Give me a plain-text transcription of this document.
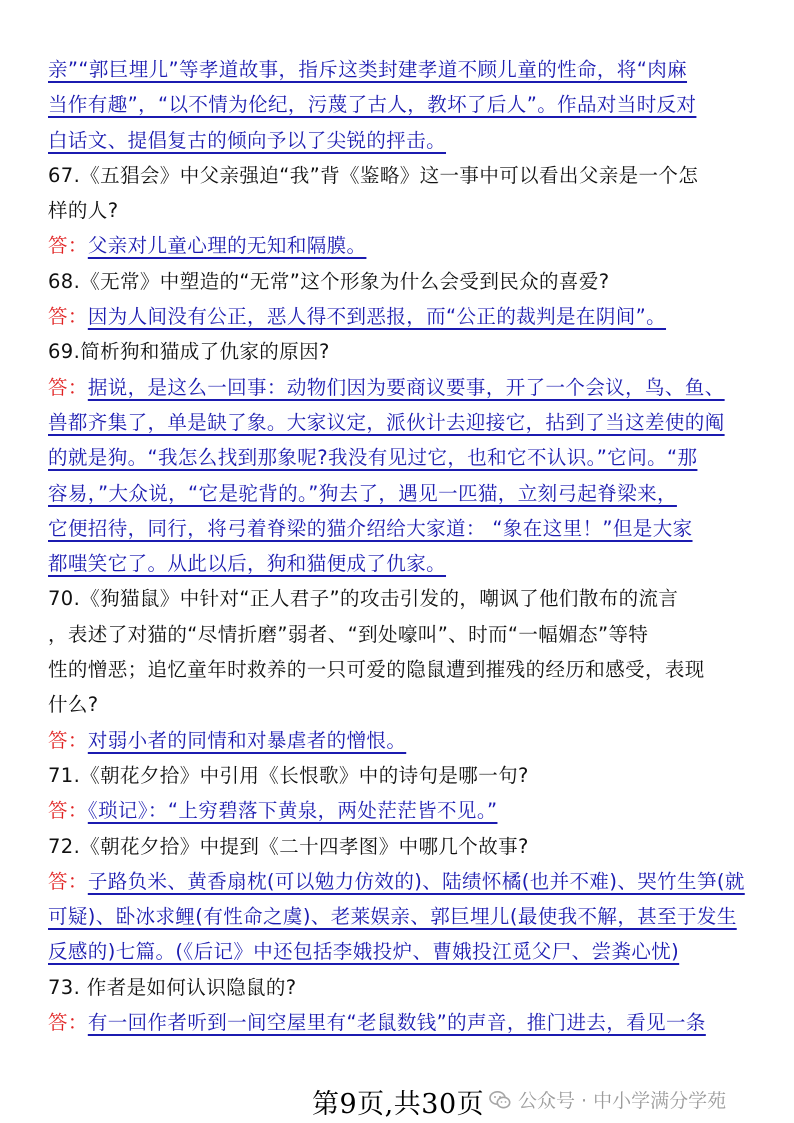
亲”“郭巨埋儿”等孝道故事，指斥这类封建孝道不顾儿童的性命，将“肉麻
当作有趣”，“以不情为伦纪，污蔑了古人，教坏了后人”。作品对当时反对
白话文、提倡复古的倾向予以了尖锐的抨击。
67.《五猖会》中父亲强迫“我”背《鉴略》这一事中可以看出父亲是一个怎
样的人?
答：父亲对儿童心理的无知和隔膜。
68.《无常》中塑造的“无常”这个形象为什么会受到民众的喜爱?
答：因为人间没有公正，恶人得不到恶报，而“公正的裁判是在阴间”。
69.简析狗和猫成了仇家的原因?
答：据说，是这么一回事：动物们因为要商议要事，开了一个会议，鸟、鱼、
兽都齐集了，单是缺了象。大家议定，派伙计去迎接它，拈到了当这差使的阄
的就是狗。“我怎么找到那象呢?我没有见过它，也和它不认识。”它问。“那
容易，”大众说，“它是驼背的。”狗去了，遇见一匹猫，立刻弓起脊梁来，
它便招待，同行，将弓着脊梁的猫介绍给大家道： “象在这里！”但是大家
都嗤笑它了。从此以后，狗和猫便成了仇家。
70.《狗猫鼠》中针对“正人君子”的攻击引发的，嘲讽了他们散布的流言
，表述了对猫的“尽情折磨”弱者、“到处嚎叫”、时而“一幅媚态”等特
性的憎恶；追忆童年时救养的一只可爱的隐鼠遭到摧残的经历和感受，表现
什么?
答：对弱小者的同情和对暴虐者的憎恨。
71.《朝花夕拾》中引用《长恨歌》中的诗句是哪一句?
答：《琐记》：“上穷碧落下黄泉，两处茫茫皆不见。”
72.《朝花夕拾》中提到《二十四孝图》中哪几个故事?
答：子路负米、黄香扇枕(可以勉力仿效的)、陆绩怀橘(也并不难)、哭竹生笋(就
可疑)、卧冰求鲤(有性命之虞)、老莱娱亲、郭巨埋儿(最使我不解，甚至于发生
反感的)七篇。(《后记》中还包括李娥投炉、曹娥投江觅父尸、尝粪心忧)
73. 作者是如何认识隐鼠的?
答：有一回作者听到一间空屋里有“老鼠数钱”的声音，推门进去，看见一条
第9页,共30页 公众号 · 中小学满分学苑
